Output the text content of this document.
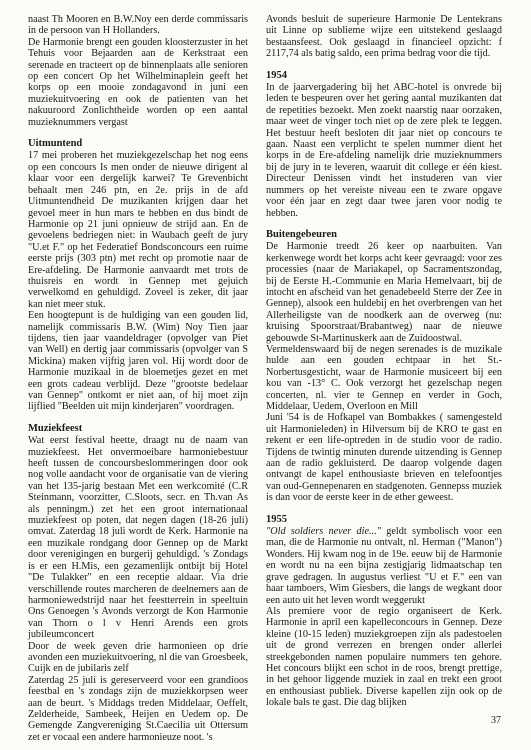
naast Th Mooren en B.W.Noy een derde commissaris in de persoon van H Hollanders.

De Harmonie brengt een gouden kloosterzuster in het Tehuis voor Bejaarden aan de Kerkstraat een serenade en tracteert op de binnenplaats alle senioren op een concert Op het Wilhelminaplein geeft het korps op een mooie zondagavond in juni een muziekuitvoering en ook de patienten van het nakuuroord Zonlichtheide worden op een aantal muzieknummers vergast

Uitmuntend

17 mei proberen het muziekgezelschap het nog eens op een concours Is men onder de nieuwe dirigent al klaar voor een dergelijk karwei? Te Grevenbicht behaalt men 246 ptn, en 2e. prijs in de afd Uitmuntendheid De muzikanten krijgen daar het gevoel meer in hun mars te hebben en dus bindt de Harmonie op 21 juni opnieuw de strijd aan. En de gevoelens bedriegen niet: in Waubach geeft de jury "U.et F." op het Federatief Bondsconcours een ruime eerste prijs (303 ptn) met recht op promotie naar de Ere-afdeling. De Harmonie aanvaardt met trots de thuisreis en wordt in Gennep met gejuich verwelkomd en gehuldigd. Zoveel is zeker, dit jaar kan niet meer stuk.

Een hoogtepunt is de huldiging van een gouden lid, namelijk commissaris B.W. (Wim) Noy Tien jaar tijdens, tien jaar vaandeldrager (opvolger van Piet van Well) en dertig jaar commissaris (opvolger van S Mickina) maken vijftig jaren vol. Hij wordt door de Harmonie muzikaal in de bloemetjes gezet en met een grots cadeau verblijd. Deze "grootste bedelaar van Gennep" ontkomt er niet aan, of hij moet zijn lijflied "Beelden uit mijn kinderjaren" voordragen.

Muziekfeest

Wat eerst festival heette, draagt nu de naam van muziekfeest. Het onvermoeibare harmoniebestuur heeft tussen de concoursbeslommeringen door ook nog volle aandacht voor de organisatie van de viering van het 135-jarig bestaan Met een werkcomité (C.R Steinmann, voorzitter, C.Sloots, secr. en Th.van As als penningm.) zet het een groot internationaal muziekfeest op poten, dat negen dagen (18-26 juli) omvat. Zaterdag 18 juli wordt de Kerk. Harmonie na een muzikale rondgang door Gennep op de Markt door verenigingen en burgerij gehuldigd. 's Zondags is er een H.Mis, een gezamenlijk ontbijt bij Hotel "De Tulakker" en een receptie aldaar. Via drie verschillende routes marcheren de deelnemers aan de harmoniewedstrijd naar het feestterrein in speeltuin Ons Genoegen 's Avonds verzorgt de Kon Harmonie van Thorn o l v Henri Arends een grots jubileumconcert

Door de week geven drie harmonieen op drie avonden een muziekuitvoering, nl die van Groesbeek, Cuijk en de jubilaris zelf

Zaterdag 25 juli is gereserveerd voor een grandioos feestbal en 's zondags zijn de muziekkorpsen weer aan de beurt. 's Middags treden Middelaar, Oeffelt, Zelderheide, Sambeek, Heijen en Uedem op. De Gemengde Zangvereniging St.Caecilia uit Ottersum zet er vocaal een andere harmonieuze noot. 's

Avonds besluit de superieure Harmonie De Lentekrans uit Linne op sublieme wijze een uitstekend geslaagd bestaansfeest. Ook geslaagd in financieel opzicht: f 2117,74 als batig saldo, een prima bedrag voor die tijd.

1954

In de jaarvergadering bij het ABC-hotel is onvrede bij leden te bespeuren over het gering aantal muzikanten dat de repetities bezoekt. Men zoekt naarstig naar oorzaken, maar weet de vinger toch niet op de zere plek te leggen. Het bestuur heeft besloten dit jaar niet op concours te gaan. Naast een verplicht te spelen nummer dient het korps in de Ere-afdeling namelijk drie muzieknummers bij de jury in te leveren, waaruit dit college er één kiest. Directeur Denissen vindt het instuderen van vier nummers op het vereiste niveau een te zware opgave voor één jaar en zegt daar twee jaren voor nodig te hebben.

Buitengebeuren

De Harmonie treedt 26 keer op naarbuiten. Van kerkenwege wordt het korps acht keer gevraagd: voor zes processies (naar de Mariakapel, op Sacramentszondag, bij de Eerste H.-Communie en Maria Hemelvaart, bij de intocht en afscheid van het genadebeeld Sterre der Zee in Gennep), alsook een huldebij en het overbrengen van het Allerheiligste van de noodkerk aan de overweg (nu: kruising Spoorstraat/Brabantweg) naar de nieuwe gebouwde St-Martinuskerk aan de Zuidoostwal.

Vermeldenswaard bij de negen serenades is de muzikale hulde aan een gouden echtpaar in het St.-Norbertusgesticht, waar de Harmonie musiceert bij een kou van -13° C. Ook verzorgt het gezelschap negen concerten, nl. vier te Gennep en verder in Goch, Middelaar, Uedem, Overloon en Mill

Juni '54 is de Hofkapel van Bombakkes ( samengesteld uit Harmonieleden) in Hilversum bij de KRO te gast en rekent er een life-optreden in de studio voor de radio. Tijdens de twintig minuten durende uitzending is Gennep aan de radio gekluisterd. De daarop volgende dagen ontvangt de kapel enthousiaste brieven en telefoontjes van oud-Gennepenaren en stadgenoten. Gennepss muziek is dan voor de eerste keer in de ether geweest.

1955

"Old soldiers never die..." geldt symbolisch voor een man, die de Harmonie nu ontvalt, nl. Herman ("Manon") Wonders. Hij kwam nog in de 19e. eeuw bij de Harmonie en wordt nu na een bijna zestigjarig lidmaatschap ten grave gedragen. In augustus verliest "U et F." een van haar tamboers, Wim Giesbers, die langs de wegkant door een auto uit het leven wordt weggerukt

Als premiere voor de regio organiseert de Kerk. Harmonie in april een kapelleconcours in Gennep. Deze kleine (10-15 leden) muziekgroepen zijn als padestoelen uit de grond verrezen en brengen onder allerlei streekgebonden namen populaire nummers ten gehore. Het concours blijkt een schot in de roos, brengt prettige, in het gehoor liggende muziek in zaal en trekt een groot en enthousiast publiek. Diverse kapellen zijn ook op de lokale bals te gast. Die dag blijken

37
